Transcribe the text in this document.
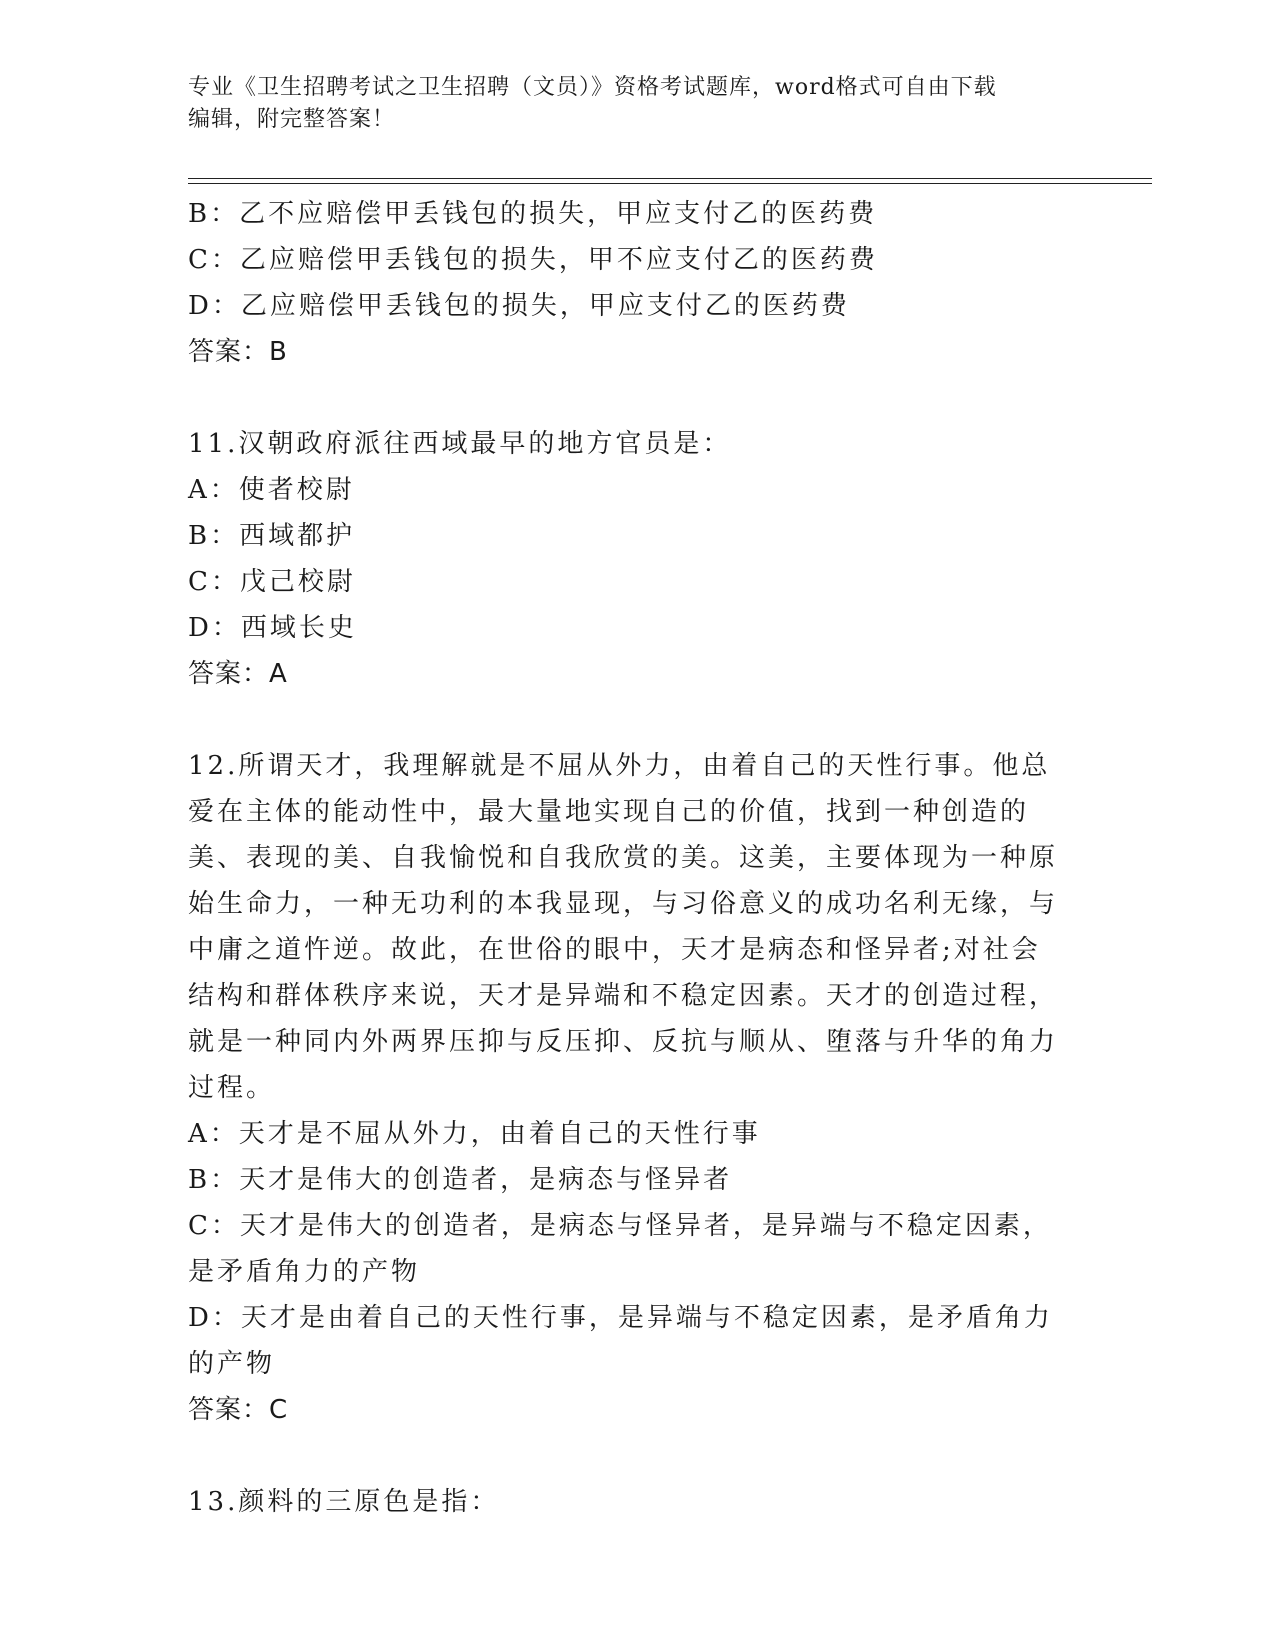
专业《卫生招聘考试之卫生招聘（文员）》资格考试题库，word格式可自由下载
编辑，附完整答案！

B：乙不应赔偿甲丢钱包的损失，甲应支付乙的医药费

C：乙应赔偿甲丢钱包的损失，甲不应支付乙的医药费

D：乙应赔偿甲丢钱包的损失，甲应支付乙的医药费

答案：B

11.汉朝政府派往西域最早的地方官员是：

A：使者校尉

B：西域都护

C：戊己校尉

D：西域长史

答案：A

12.所谓天才，我理解就是不屈从外力，由着自己的天性行事。他总爱在主体的能动性中，最大量地实现自己的价值，找到一种创造的美、表现的美、自我愉悦和自我欣赏的美。这美，主要体现为一种原始生命力，一种无功利的本我显现，与习俗意义的成功名利无缘，与中庸之道忤逆。故此，在世俗的眼中，天才是病态和怪异者;对社会结构和群体秩序来说，天才是异端和不稳定因素。天才的创造过程，就是一种同内外两界压抑与反压抑、反抗与顺从、堕落与升华的角力过程。

A：天才是不屈从外力，由着自己的天性行事

B：天才是伟大的创造者，是病态与怪异者

C：天才是伟大的创造者，是病态与怪异者，是异端与不稳定因素，是矛盾角力的产物

D：天才是由着自己的天性行事，是异端与不稳定因素，是矛盾角力的产物

答案：C

13.颜料的三原色是指：
